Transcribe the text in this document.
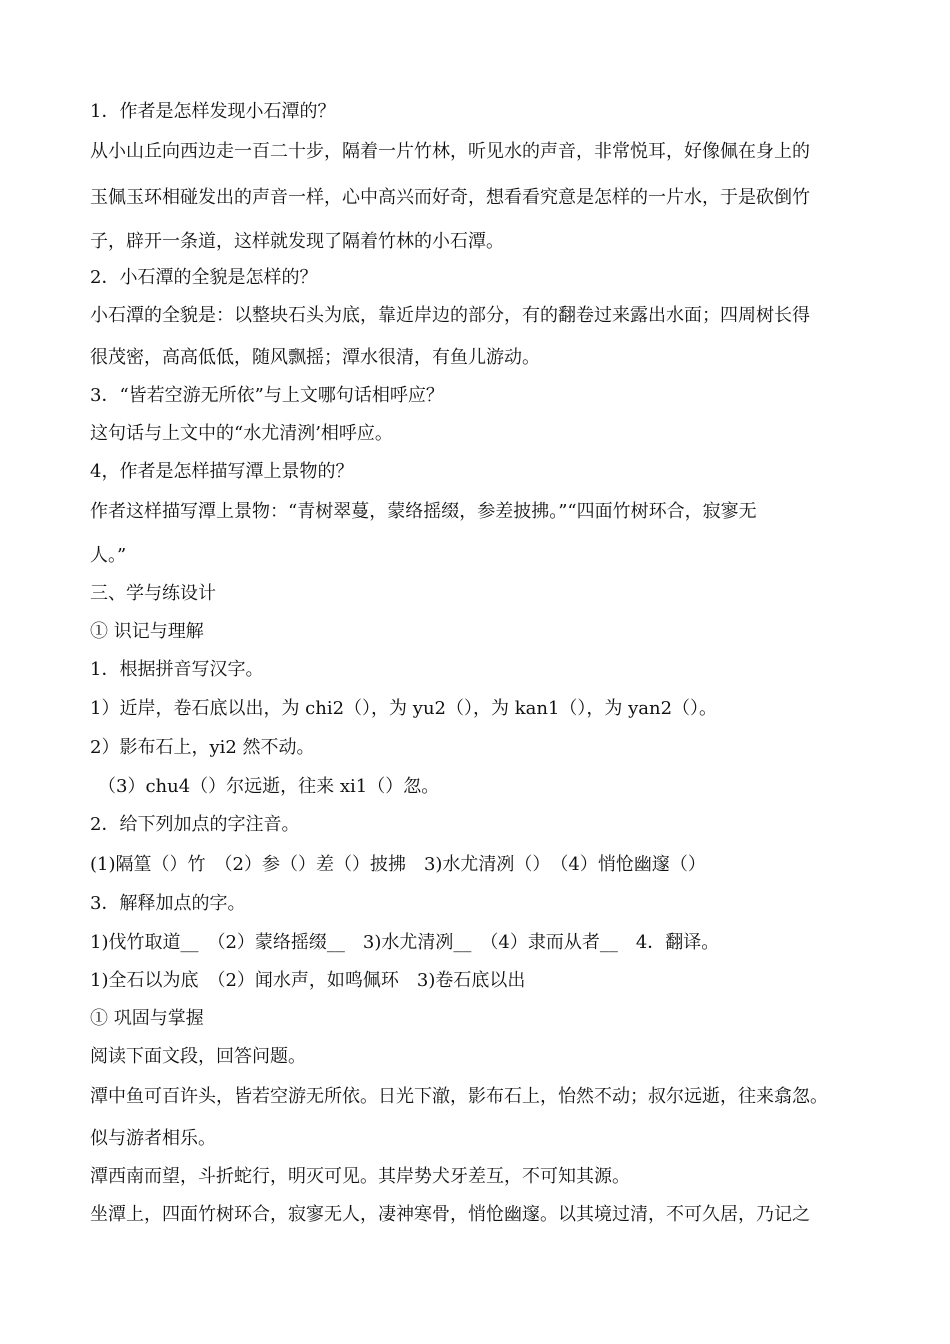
1．作者是怎样发现小石潭的？
从小山丘向西边走一百二十步，隔着一片竹林，听见水的声音，非常悦耳，好像佩在身上的
玉佩玉环相碰发出的声音一样，心中高兴而好奇，想看看究意是怎样的一片水，于是砍倒竹
子，辟开一条道，这样就发现了隔着竹林的小石潭。
2．小石潭的全貌是怎样的？
小石潭的全貌是：以整块石头为底，靠近岸边的部分，有的翻卷过来露出水面；四周树长得
很茂密，高高低低，随风飘摇；潭水很清，有鱼儿游动。
3．“皆若空游无所依”与上文哪句话相呼应？
这句话与上文中的“水尤清洌’相呼应。
4，作者是怎样描写潭上景物的？
作者这样描写潭上景物：“青树翠蔓，蒙络摇缀，参差披拂。”“四面竹树环合，寂寥无
人。”
三、学与练设计
① 识记与理解
1．根据拼音写汉字。
1）近岸，卷石底以出，为 chi2（），为 yu2（），为 kan1（），为 yan2（）。
2）影布石上，yi2 然不动。
（3）chu4（）尔远逝，往来 xi1（）忽。
2．给下列加点的字注音。
(1)隔篁（）竹　（2）参（）差（）披拂　3)水尤清冽（）　（4）悄怆幽邃（）
3．解释加点的字。
1)伐竹取道__　（2）蒙络摇缀__　3)水尤清冽__　（4）隶而从者__　4．翻译。
1)全石以为底　（2）闻水声，如鸣佩环　3)卷石底以出
① 巩固与掌握
阅读下面文段，回答问题。
潭中鱼可百许头，皆若空游无所依。日光下澈，影布石上，怡然不动；叔尔远逝，往来翕忽。
似与游者相乐。
潭西南而望，斗折蛇行，明灭可见。其岸势犬牙差互，不可知其源。
坐潭上，四面竹树环合，寂寥无人，凄神寒骨，悄怆幽邃。以其境过清，不可久居，乃记之
